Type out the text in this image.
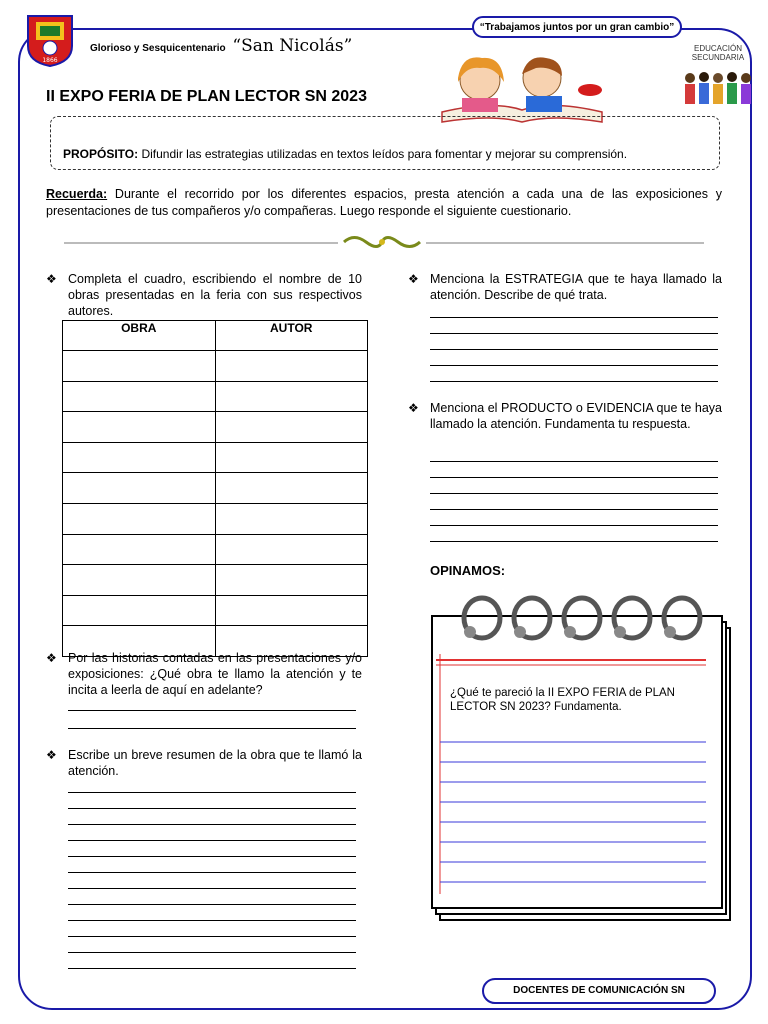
“Trabajamos juntos por un gran cambio”
1866
Glorioso y Sesquicentenario “San Nicolás”	EDUCACIÓN SECUNDARIA
II EXPO FERIA DE PLAN LECTOR SN 2023
PROPÓSITO: Difundir las estrategias utilizadas en textos leídos para fomentar y mejorar su comprensión.
Recuerda: Durante el recorrido por los diferentes espacios, presta atención a cada una de las exposiciones y presentaciones de tus compañeros y/o compañeras. Luego responde el siguiente cuestionario.
❖ Completa el cuadro, escribiendo el nombre de 10 obras presentadas en la feria con sus respectivos autores.
OBRA	AUTOR

❖ Por las historias contadas en las presentaciones y/o exposiciones: ¿Qué obra te llamo la atención y te incita a leerla de aquí en adelante?
❖ Escribe un breve resumen de la obra que te llamó la atención.
❖ Menciona la ESTRATEGIA que te haya llamado la atención. Describe de qué trata.
❖ Menciona el PRODUCTO o EVIDENCIA que te haya llamado la atención. Fundamenta tu respuesta.
OPINAMOS:
¿Qué te pareció la II EXPO FERIA de PLAN LECTOR SN 2023? Fundamenta.
DOCENTES DE COMUNICACIÓN SN
